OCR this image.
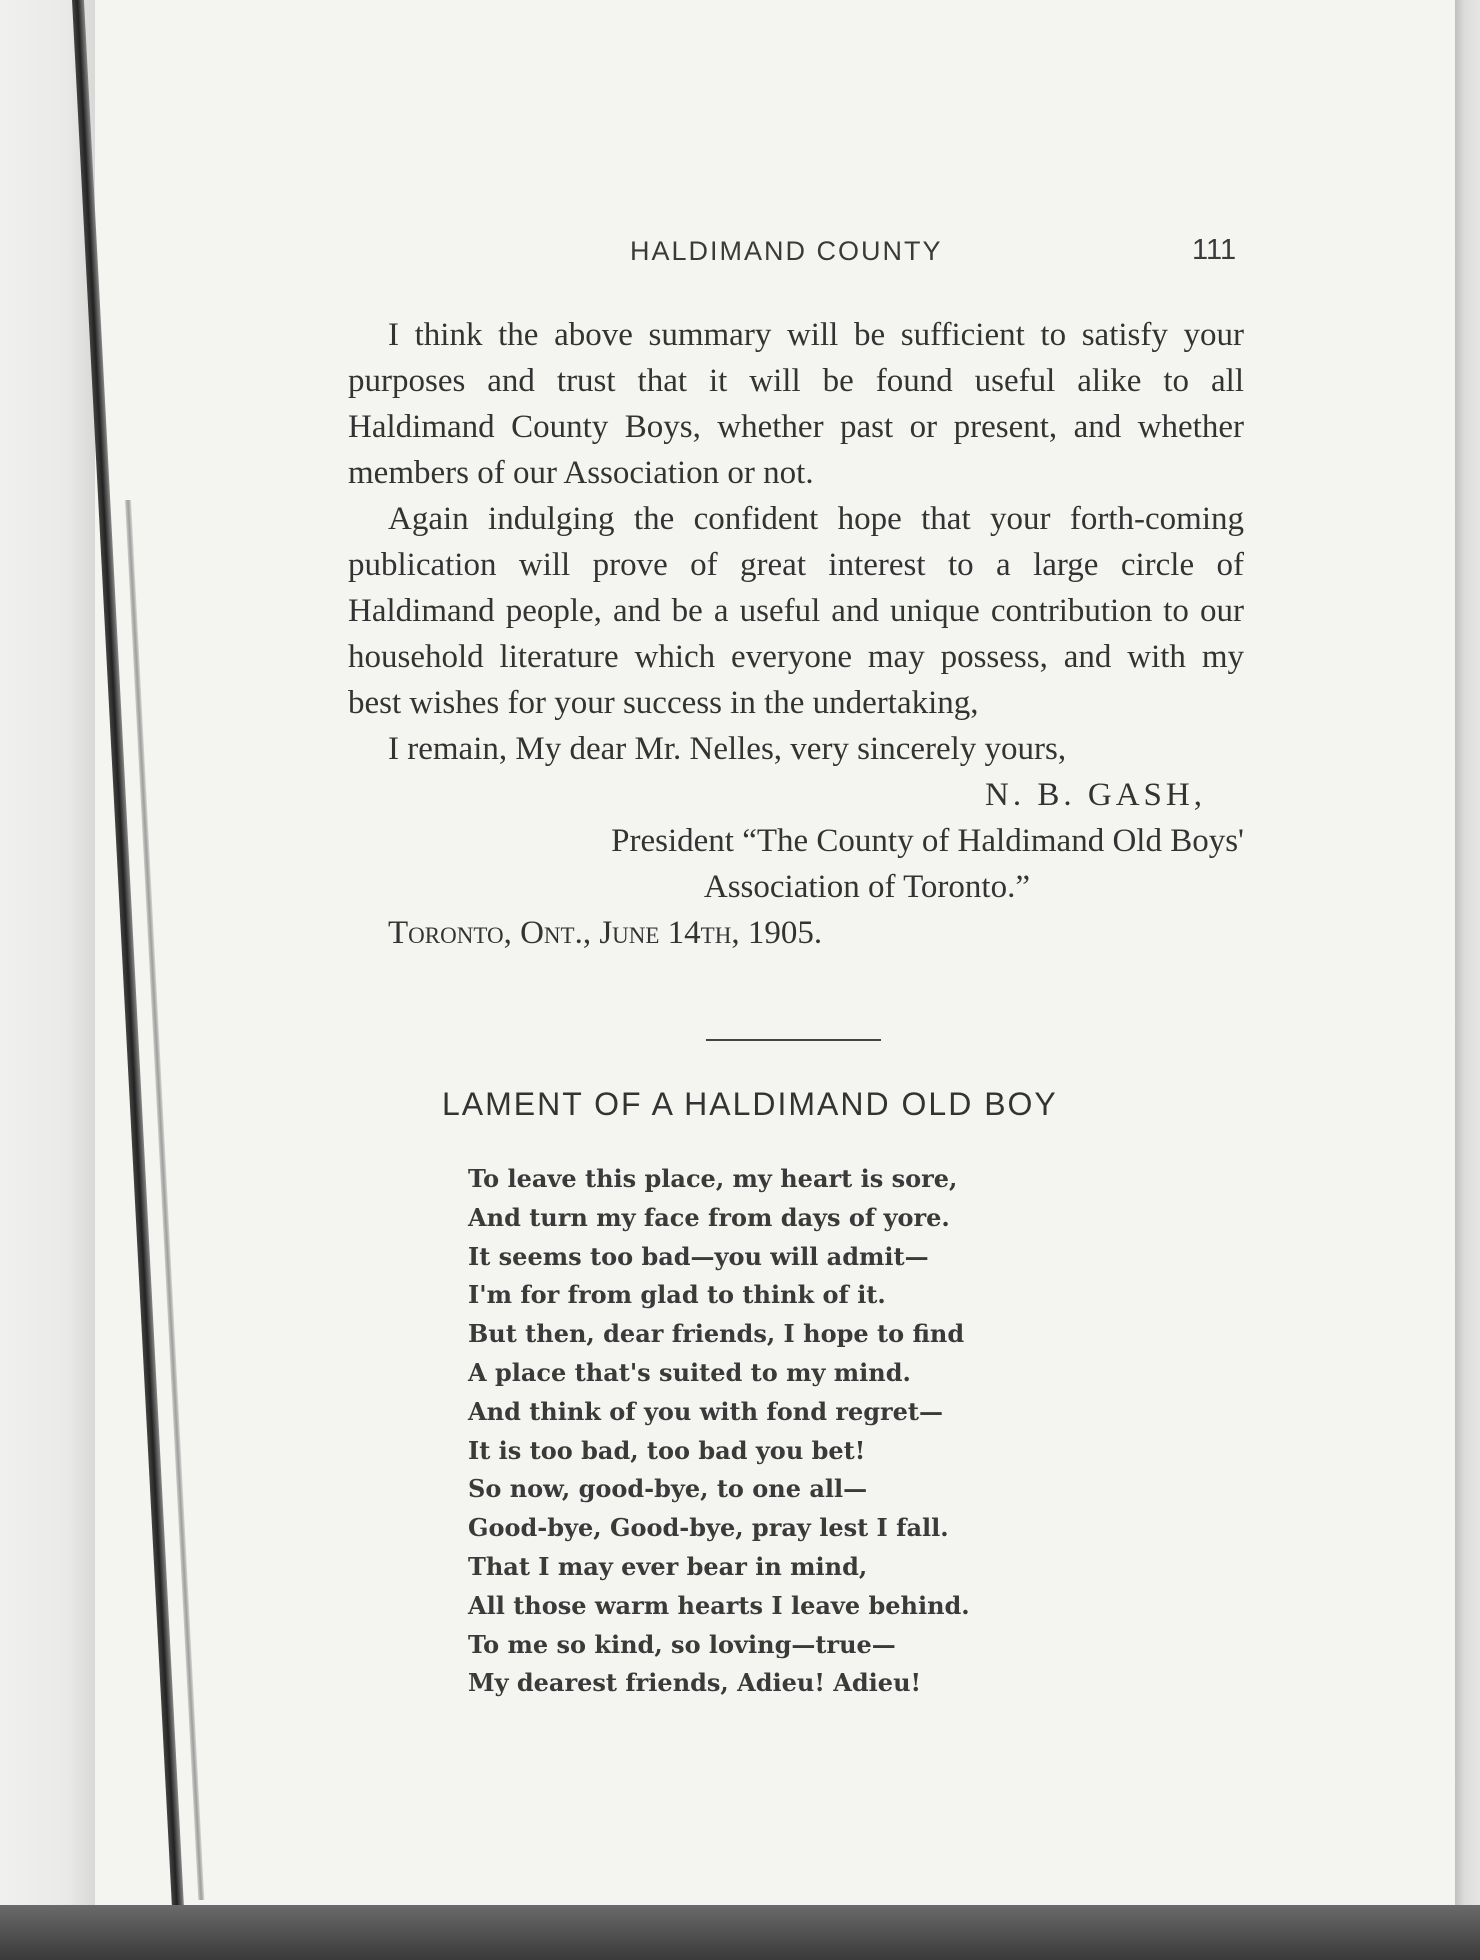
HALDIMAND COUNTY	111

I think the above summary will be sufficient to satisfy your purposes and trust that it will be found useful alike to all Haldimand County Boys, whether past or present, and whether members of our Association or not.

Again indulging the confident hope that your forth-coming publication will prove of great interest to a large circle of Haldimand people, and be a useful and unique contribution to our household literature which everyone may possess, and with my best wishes for your success in the undertaking,

I remain, My dear Mr. Nelles, very sincerely yours,

N. B. GASH,

President “The County of Haldimand Old Boys'

Association of Toronto.”

Toronto, Ont., June 14th, 1905.

LAMENT OF A HALDIMAND OLD BOY
To leave this place, my heart is sore,
And turn my face from days of yore.
It seems too bad—you will admit—
I'm for from glad to think of it.
But then, dear friends, I hope to find
A place that's suited to my mind.
And think of you with fond regret—
It is too bad, too bad you bet!
So now, good-bye, to one all—
Good-bye, Good-bye, pray lest I fall.
That I may ever bear in mind,
All those warm hearts I leave behind.
To me so kind, so loving—true—
My dearest friends, Adieu! Adieu!
